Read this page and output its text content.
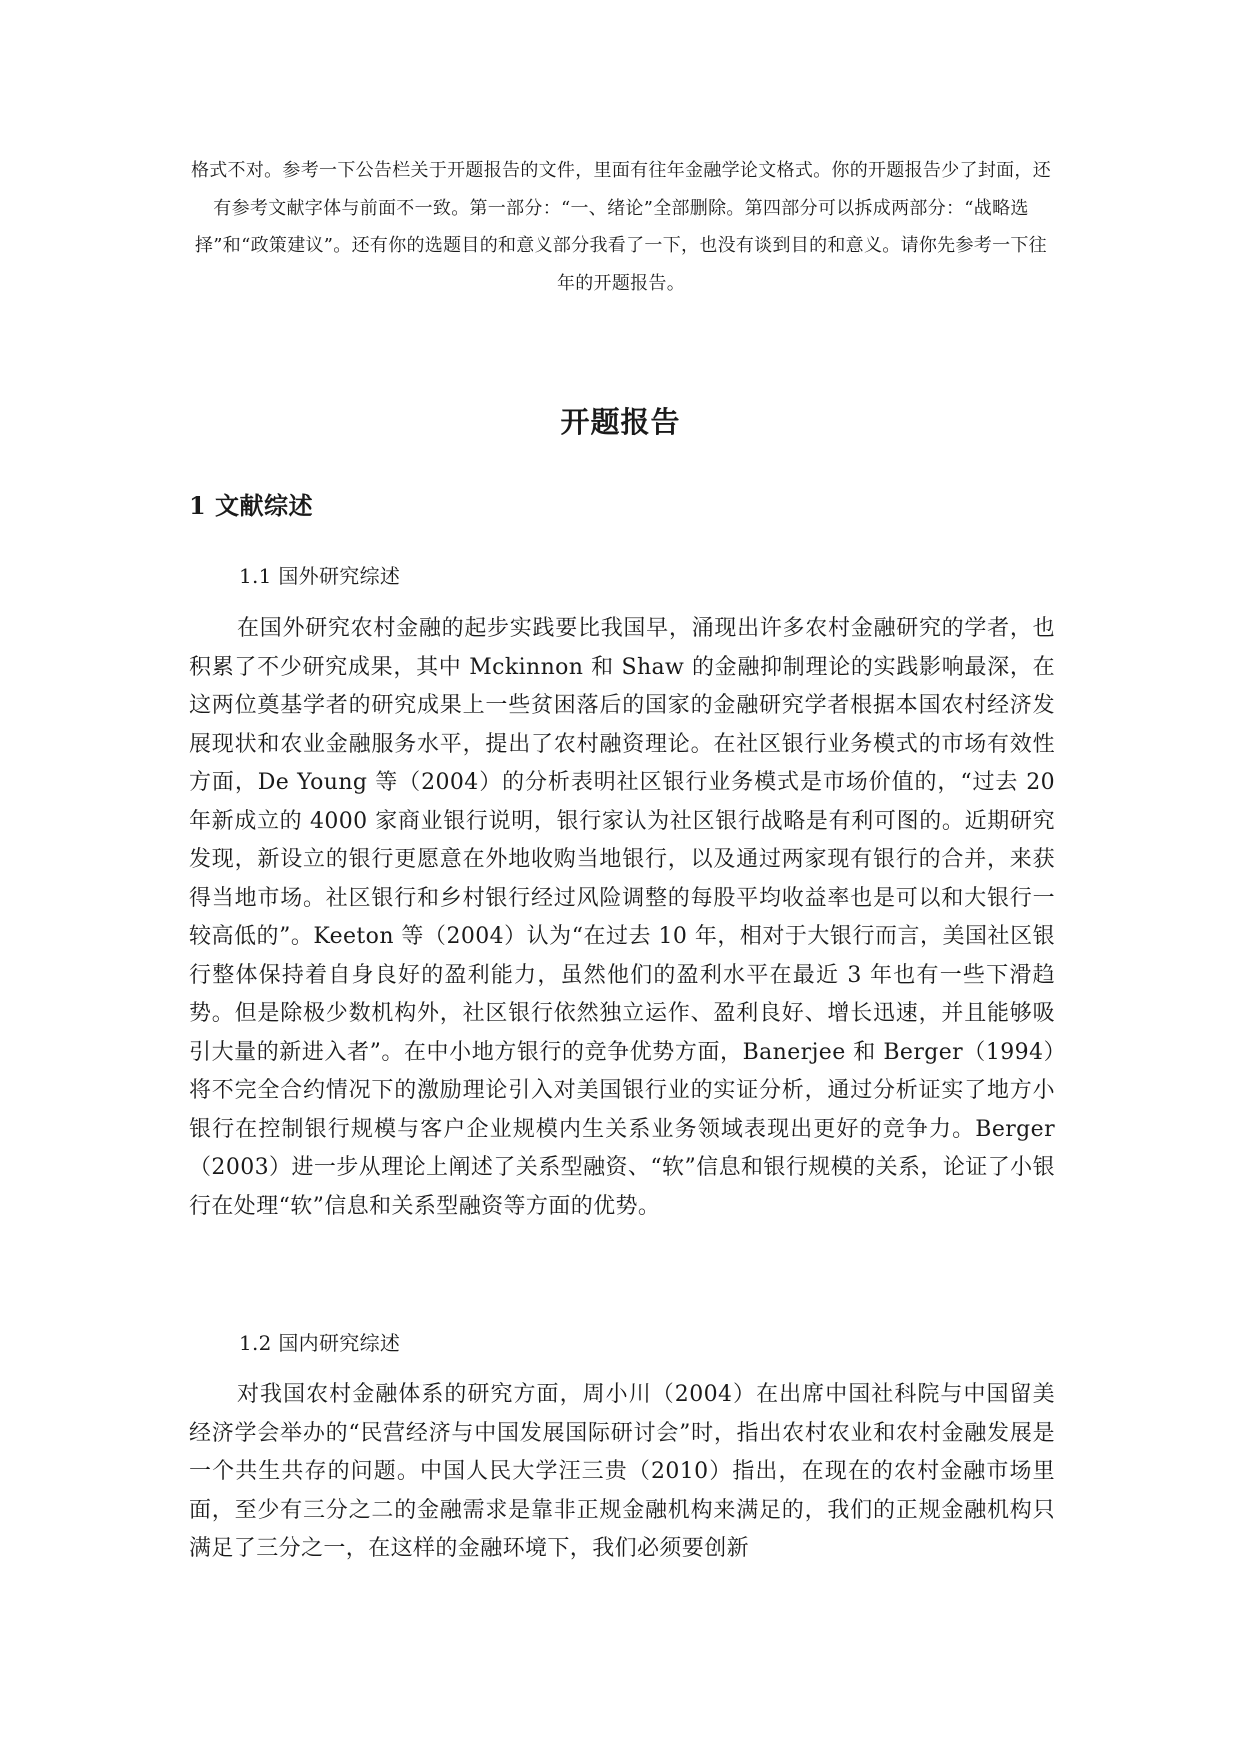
格式不对。参考一下公告栏关于开题报告的文件，里面有往年金融学论文格式。你的开题报告少了封面，还有参考文献字体与前面不一致。第一部分：“一、绪论”全部删除。第四部分可以拆成两部分：“战略选择”和“政策建议”。还有你的选题目的和意义部分我看了一下，也没有谈到目的和意义。请你先参考一下往年的开题报告。
开题报告
1 文献综述
1.1 国外研究综述
在国外研究农村金融的起步实践要比我国早，涌现出许多农村金融研究的学者，也积累了不少研究成果，其中 Mckinnon 和 Shaw 的金融抑制理论的实践影响最深，在这两位奠基学者的研究成果上一些贫困落后的国家的金融研究学者根据本国农村经济发展现状和农业金融服务水平，提出了农村融资理论。在社区银行业务模式的市场有效性方面，De Young 等（2004）的分析表明社区银行业务模式是市场价值的，“过去 20 年新成立的 4000 家商业银行说明，银行家认为社区银行战略是有利可图的。近期研究发现，新设立的银行更愿意在外地收购当地银行，以及通过两家现有银行的合并，来获得当地市场。社区银行和乡村银行经过风险调整的每股平均收益率也是可以和大银行一较高低的”。Keeton 等（2004）认为“在过去 10 年，相对于大银行而言，美国社区银行整体保持着自身良好的盈利能力，虽然他们的盈利水平在最近 3 年也有一些下滑趋势。但是除极少数机构外，社区银行依然独立运作、盈利良好、增长迅速，并且能够吸引大量的新进入者”。在中小地方银行的竞争优势方面，Banerjee 和 Berger（1994）将不完全合约情况下的激励理论引入对美国银行业的实证分析，通过分析证实了地方小银行在控制银行规模与客户企业规模内生关系业务领域表现出更好的竞争力。Berger（2003）进一步从理论上阐述了关系型融资、“软”信息和银行规模的关系，论证了小银行在处理“软”信息和关系型融资等方面的优势。
1.2 国内研究综述
对我国农村金融体系的研究方面，周小川（2004）在出席中国社科院与中国留美经济学会举办的“民营经济与中国发展国际研讨会”时，指出农村农业和农村金融发展是一个共生共存的问题。中国人民大学汪三贵（2010）指出，在现在的农村金融市场里面，至少有三分之二的金融需求是靠非正规金融机构来满足的，我们的正规金融机构只满足了三分之一，在这样的金融环境下，我们必须要创新
